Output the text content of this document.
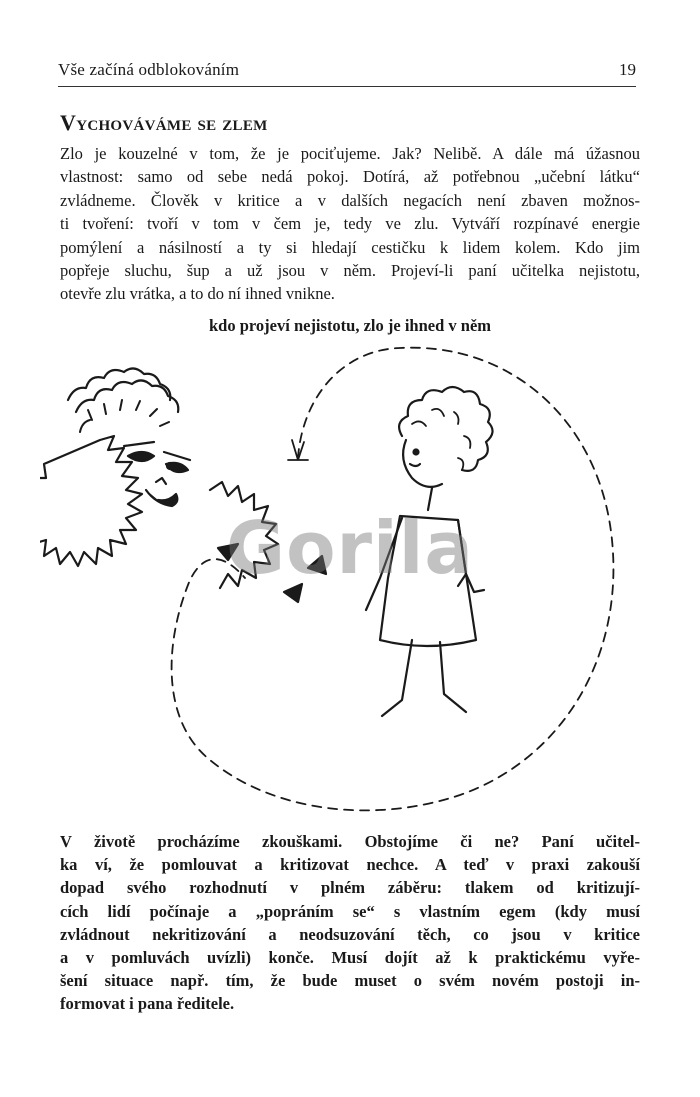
Vše začíná odblokováním	19
Vychováváme se zlem
Zlo je kouzelné v tom, že je pociťujeme. Jak? Nelibě. A dále má úžasnou
vlastnost: samo od sebe nedá pokoj. Dotírá, až potřebnou „učební látku“
zvládneme. Člověk v kritice a v dalších negacích není zbaven možnos-
ti tvoření: tvoří v tom v čem je, tedy ve zlu. Vytváří rozpínavé energie
pomýlení a násilností a ty si hledají cestičku k lidem kolem. Kdo jim
popřeje sluchu, šup a už jsou v něm. Projeví-li paní učitelka nejistotu,
otevře zlu vrátka, a to do ní ihned vnikne.
kdo projeví nejistotu, zlo je ihned v něm
Gorila
V životě procházíme zkouškami. Obstojíme či ne? Paní učitel-
ka ví, že pomlouvat a kritizovat nechce. A teď v praxi zakouší
dopad svého rozhodnutí v plném záběru: tlakem od kritizují-
cích lidí počínaje a „popráním se“ s vlastním egem (kdy musí
zvládnout nekritizování a neodsuzování těch, co jsou v kritice
a v pomluvách uvízli) konče. Musí dojít až k praktickému vyře-
šení situace např. tím, že bude muset o svém novém postoji in-
formovat i pana ředitele.
